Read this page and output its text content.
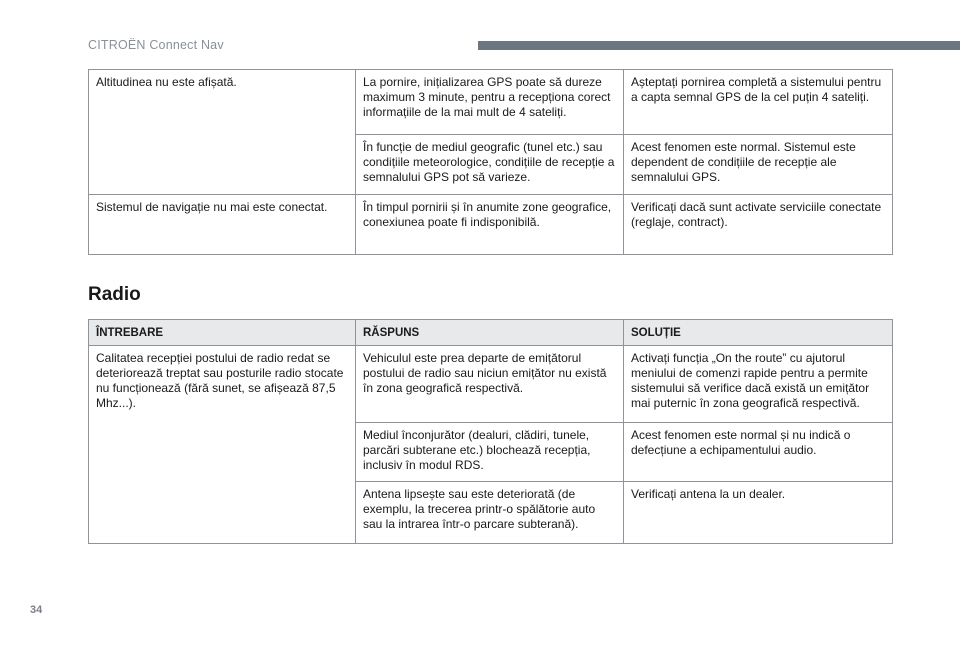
CITROËN Connect Nav
Altitudinea nu este afișată.	La pornire, inițializarea GPS poate să dureze maximum 3 minute, pentru a recepționa corect informațiile de la mai mult de 4 sateliți.	Așteptați pornirea completă a sistemului pentru a capta semnal GPS de la cel puțin 4 sateliți.
	În funcție de mediul geografic (tunel etc.) sau condițiile meteorologice, condițiile de recepție a semnalului GPS pot să varieze.	Acest fenomen este normal. Sistemul este dependent de condițiile de recepție ale semnalului GPS.
Sistemul de navigație nu mai este conectat.	În timpul pornirii și în anumite zone geografice, conexiunea poate fi indisponibilă.	Verificați dacă sunt activate serviciile conectate (reglaje, contract).
Radio
ÎNTREBARE	RĂSPUNS	SOLUȚIE
Calitatea recepției postului de radio redat se deteriorează treptat sau posturile radio stocate nu funcționează (fără sunet, se afișează 87,5 Mhz...).	Vehiculul este prea departe de emițătorul postului de radio sau niciun emițător nu există în zona geografică respectivă.	Activați funcția „On the route” cu ajutorul meniului de comenzi rapide pentru a permite sistemului să verifice dacă există un emițător mai puternic în zona geografică respectivă.
	Mediul înconjurător (dealuri, clădiri, tunele, parcări subterane etc.) blochează recepția, inclusiv în modul RDS.	Acest fenomen este normal și nu indică o defecțiune a echipamentului audio.
	Antena lipsește sau este deteriorată (de exemplu, la trecerea printr-o spălătorie auto sau la intrarea într-o parcare subterană).	Verificați antena la un dealer.
34
